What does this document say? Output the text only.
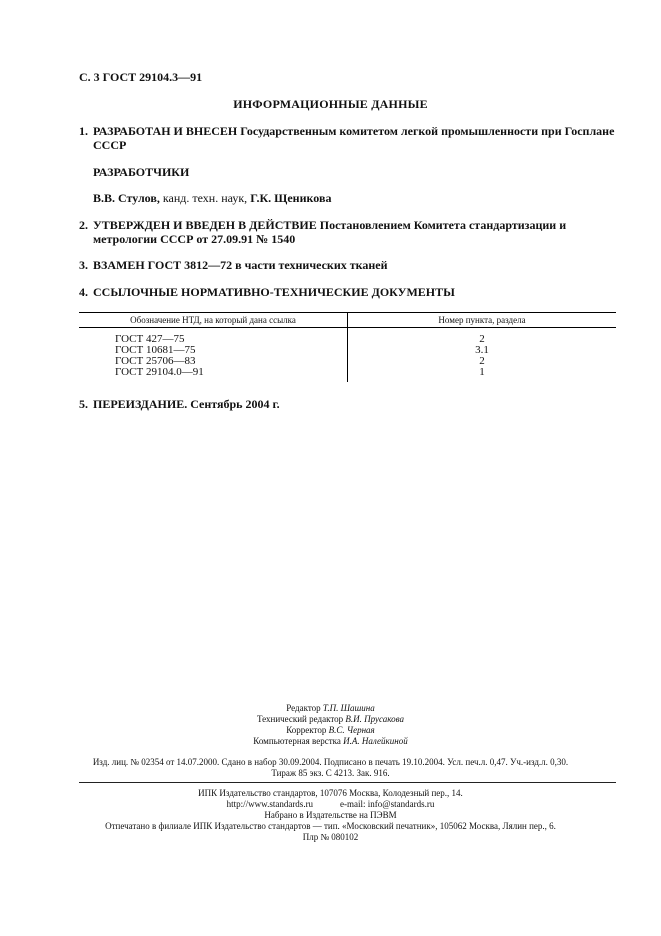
С. 3 ГОСТ 29104.3—91
ИНФОРМАЦИОННЫЕ ДАННЫЕ
1. РАЗРАБОТАН И ВНЕСЕН Государственным комитетом легкой промышленности при Госплане СССР
РАЗРАБОТЧИКИ
В.В. Стулов, канд. техн. наук, Г.К. Щеникова
2. УТВЕРЖДЕН И ВВЕДЕН В ДЕЙСТВИЕ Постановлением Комитета стандартизации и метрологии СССР от 27.09.91 № 1540
3. ВЗАМЕН ГОСТ 3812—72 в части технических тканей
4. ССЫЛОЧНЫЕ НОРМАТИВНО-ТЕХНИЧЕСКИЕ ДОКУМЕНТЫ
Обозначение НТД, на который дана ссылка	Номер пункта, раздела
ГОСТ 427—75	2
ГОСТ 10681—75	3.1
ГОСТ 25706—83	2
ГОСТ 29104.0—91	1
5. ПЕРЕИЗДАНИЕ. Сентябрь 2004 г.
Редактор Т.П. Шашина
Технический редактор В.И. Прусакова
Корректор В.С. Черная
Компьютерная верстка И.А. Налейкиной
Изд. лиц. № 02354 от 14.07.2000. Сдано в набор 30.09.2004. Подписано в печать 19.10.2004. Усл. печ.л. 0,47. Уч.-изд.л. 0,30.
Тираж 85 экз. С 4213. Зак. 916.
ИПК Издательство стандартов, 107076 Москва, Колодезный пер., 14.
http://www.standards.ru            e-mail: info@standards.ru
Набрано в Издательстве на ПЭВМ
Отпечатано в филиале ИПК Издательство стандартов — тип. «Московский печатник», 105062 Москва, Лялин пер., 6.
Плр № 080102
